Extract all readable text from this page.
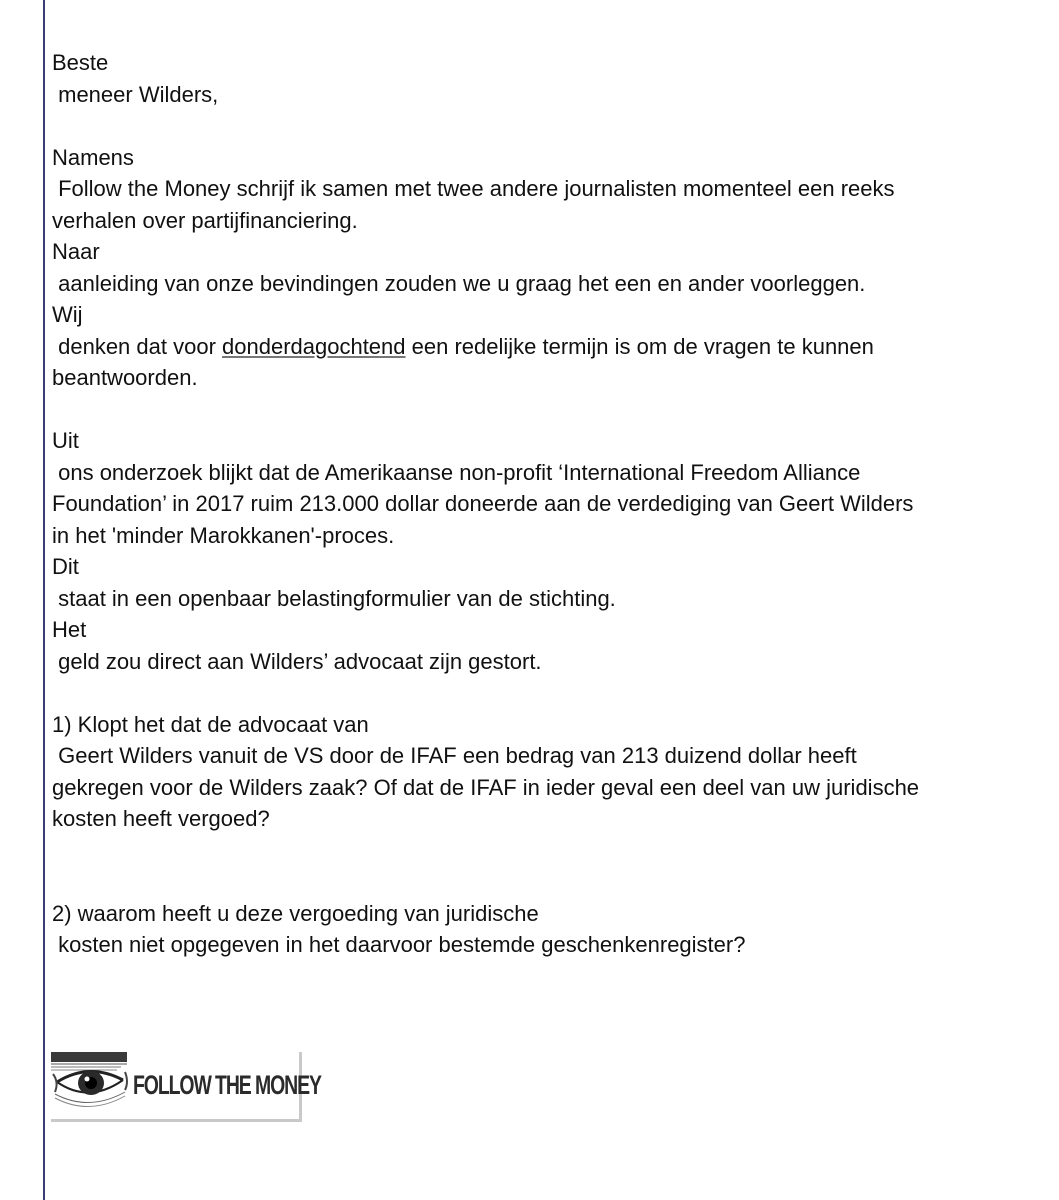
Beste
meneer Wilders,
Namens
Follow the Money schrijf ik samen met twee andere journalisten momenteel een reeks
verhalen over partijfinanciering.
Naar
aanleiding van onze bevindingen zouden we u graag het een en ander voorleggen.
Wij
denken dat voor donderdagochtend een redelijke termijn is om de vragen te kunnen
beantwoorden.
Uit
ons onderzoek blijkt dat de Amerikaanse non-profit ‘International Freedom Alliance
Foundation’ in 2017 ruim 213.000 dollar doneerde aan de verdediging van Geert Wilders
in het 'minder Marokkanen'-proces.
Dit
staat in een openbaar belastingformulier van de stichting.
Het
geld zou direct aan Wilders’ advocaat zijn gestort.
1) Klopt het dat de advocaat van
Geert Wilders vanuit de VS door de IFAF een bedrag van 213 duizend dollar heeft
gekregen voor de Wilders zaak? Of dat de IFAF in ieder geval een deel van uw juridische
kosten heeft vergoed?
2) waarom heeft u deze vergoeding van juridische
kosten niet opgegeven in het daarvoor bestemde geschenkenregister?
FOLLOW THE MONEY
